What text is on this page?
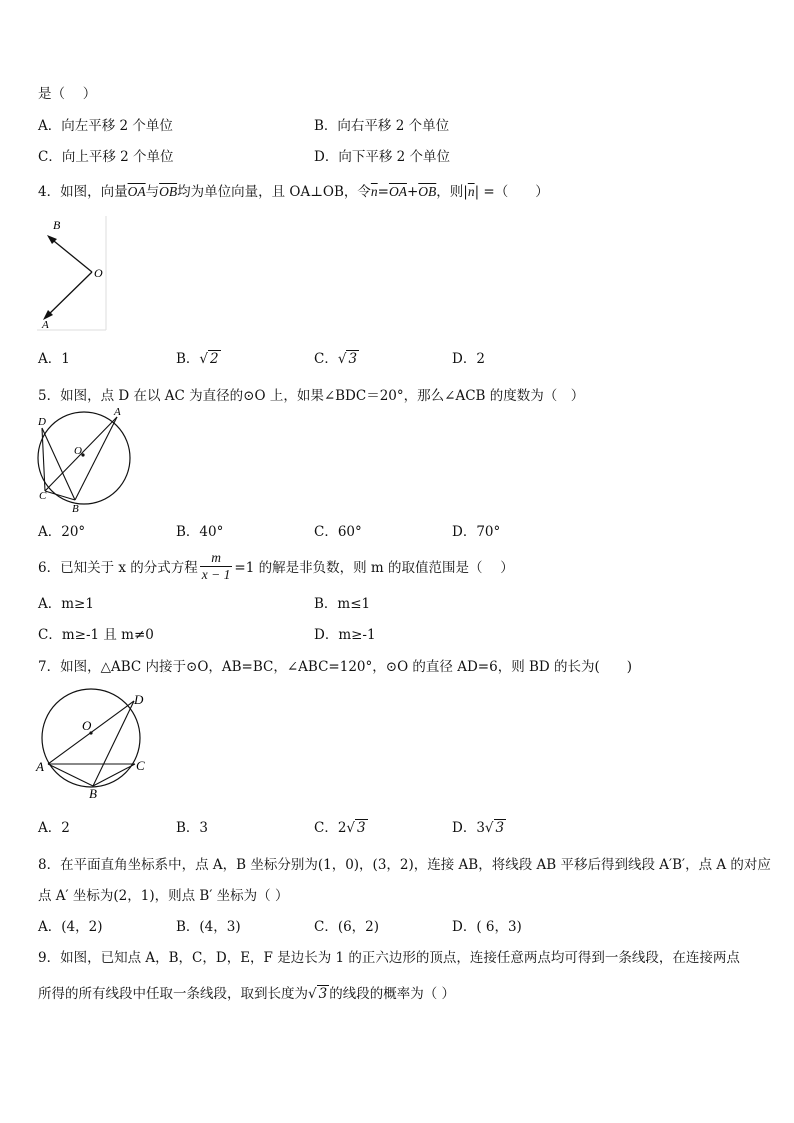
是（　 ）
A．向左平移 2 个单位	B．向右平移 2 个单位
C．向上平移 2 个单位	D．向下平移 2 个单位
4．如图，向量$\overline{OA}$与$\overline{OB}$均为单位向量，且 OA⊥OB，令$\overline{n}=\overline{OA}+\overline{OB}$，则$|\overline{n}|$ =（　　）
B
O
A
A．1	B．√ 2	C．√ 3	D．2
5．如图，点 D 在以 AC 为直径的⊙O 上，如果∠BDC＝20°，那么∠ACB 的度数为（　）
D
A
O
C
B
A．20°	B．40°	C．60°	D．70°
6．已知关于 x 的分式方程 $\frac{m}{x - 1} =1$ 的解是非负数，则 m 的取值范围是（　 ）
A．m≥1	B．m≤1
C．m≥-1 且 m≠0	D．m≥-1
7．如图，△ABC 内接于⊙O，AB=BC，∠ABC=120°，⊙O 的直径 AD=6，则 BD 的长为(　　)
O
D
A	C
B
A．2	B．3	C．2√ 3	D．3√ 3
8．在平面直角坐标系中，点 A，B 坐标分别为(1，0)，(3，2)，连接 AB，将线段 AB 平移后得到线段 A′B′，点 A 的对应
点 A′ 坐标为(2，1)，则点 B′ 坐标为（ ）
A．(4，2)	B．(4，3)	C．(6，2)	D．( 6，3)
9．如图，已知点 A，B，C，D，E，F 是边长为 1 的正六边形的顶点，连接任意两点均可得到一条线段，在连接两点
所得的所有线段中任取一条线段，取到长度为√ 3 的线段的概率为（ ）
